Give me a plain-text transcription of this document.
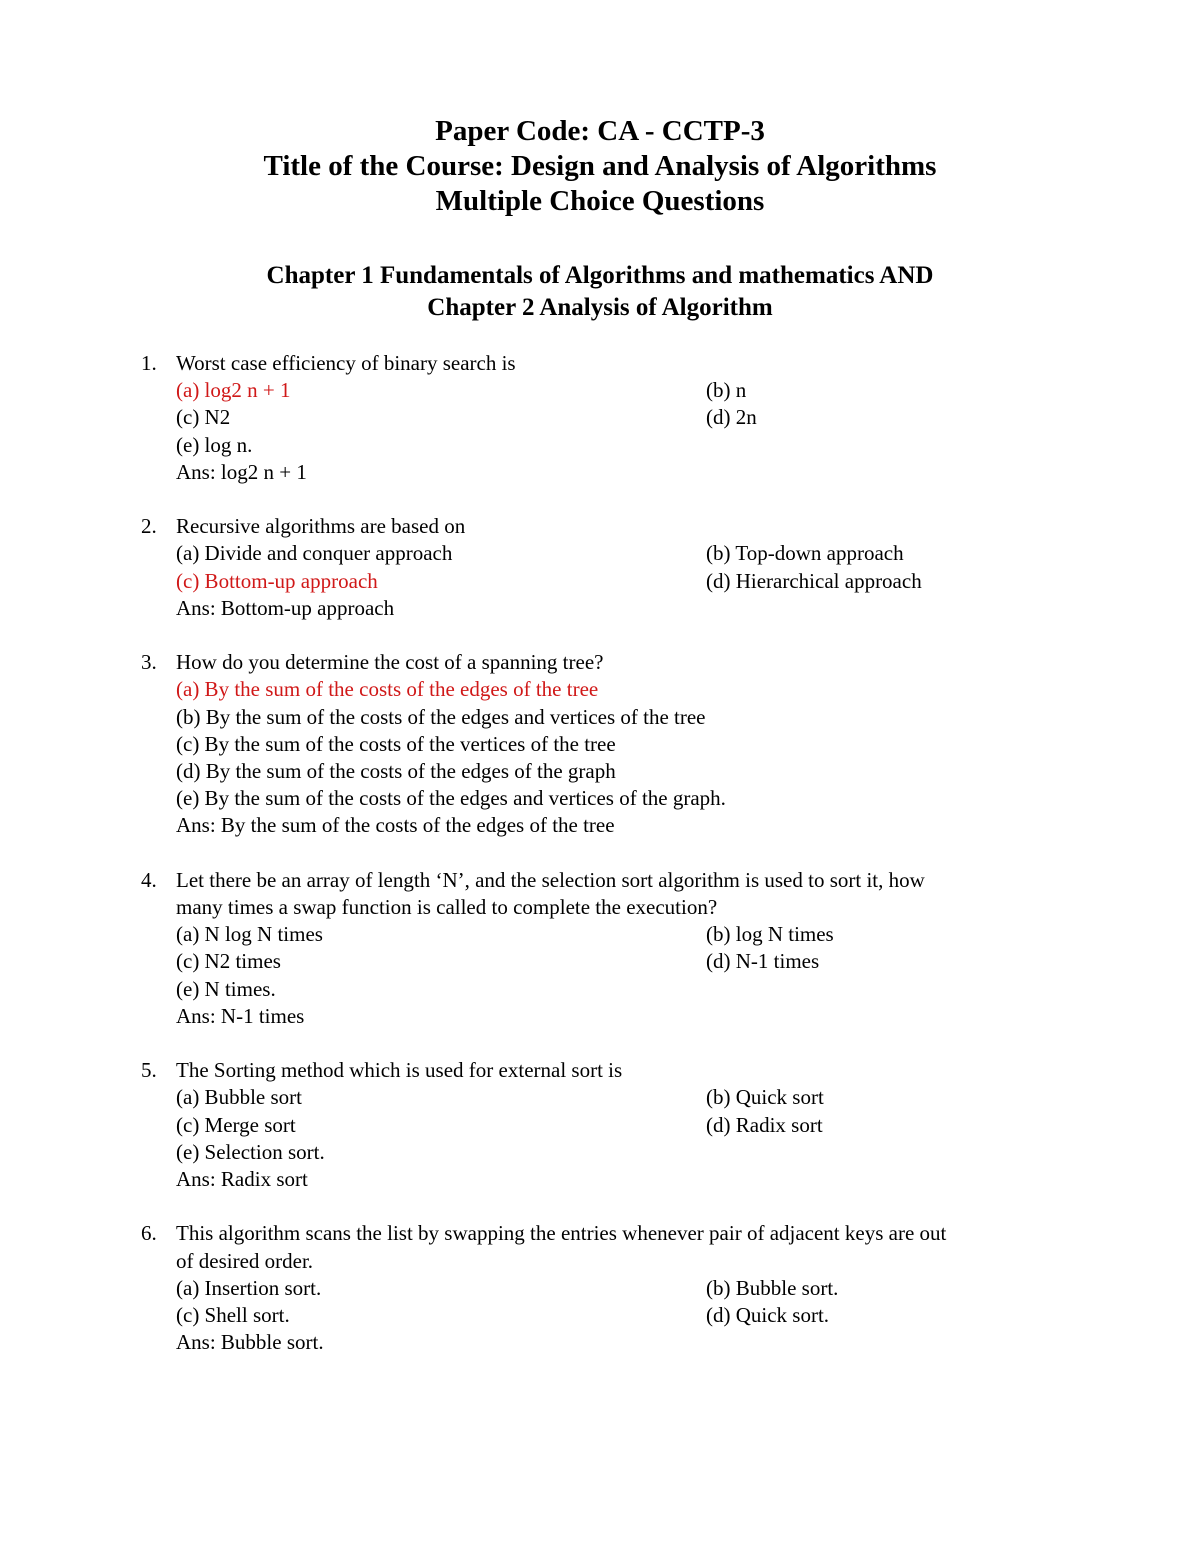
Paper Code: CA - CCTP-3
Title of the Course: Design and Analysis of Algorithms
Multiple Choice Questions
Chapter 1 Fundamentals of Algorithms and mathematics AND
Chapter 2 Analysis of Algorithm
1. Worst case efficiency of binary search is
(a) log2 n + 1	(b) n
(c) N2	(d) 2n
(e) log n.
Ans: log2 n + 1
2. Recursive algorithms are based on
(a) Divide and conquer approach	(b) Top-down approach
(c) Bottom-up approach	(d) Hierarchical approach
Ans: Bottom-up approach
3. How do you determine the cost of a spanning tree?
(a) By the sum of the costs of the edges of the tree
(b) By the sum of the costs of the edges and vertices of the tree
(c) By the sum of the costs of the vertices of the tree
(d) By the sum of the costs of the edges of the graph
(e) By the sum of the costs of the edges and vertices of the graph.
Ans: By the sum of the costs of the edges of the tree
4. Let there be an array of length ‘N’, and the selection sort algorithm is used to sort it, how
many times a swap function is called to complete the execution?
(a) N log N times	(b) log N times
(c) N2 times	(d) N-1 times
(e) N times.
Ans: N-1 times
5. The Sorting method which is used for external sort is
(a) Bubble sort	(b) Quick sort
(c) Merge sort	(d) Radix sort
(e) Selection sort.
Ans: Radix sort
6. This algorithm scans the list by swapping the entries whenever pair of adjacent keys are out
of desired order.
(a) Insertion sort.	(b) Bubble sort.
(c) Shell sort.	(d) Quick sort.
Ans: Bubble sort.
